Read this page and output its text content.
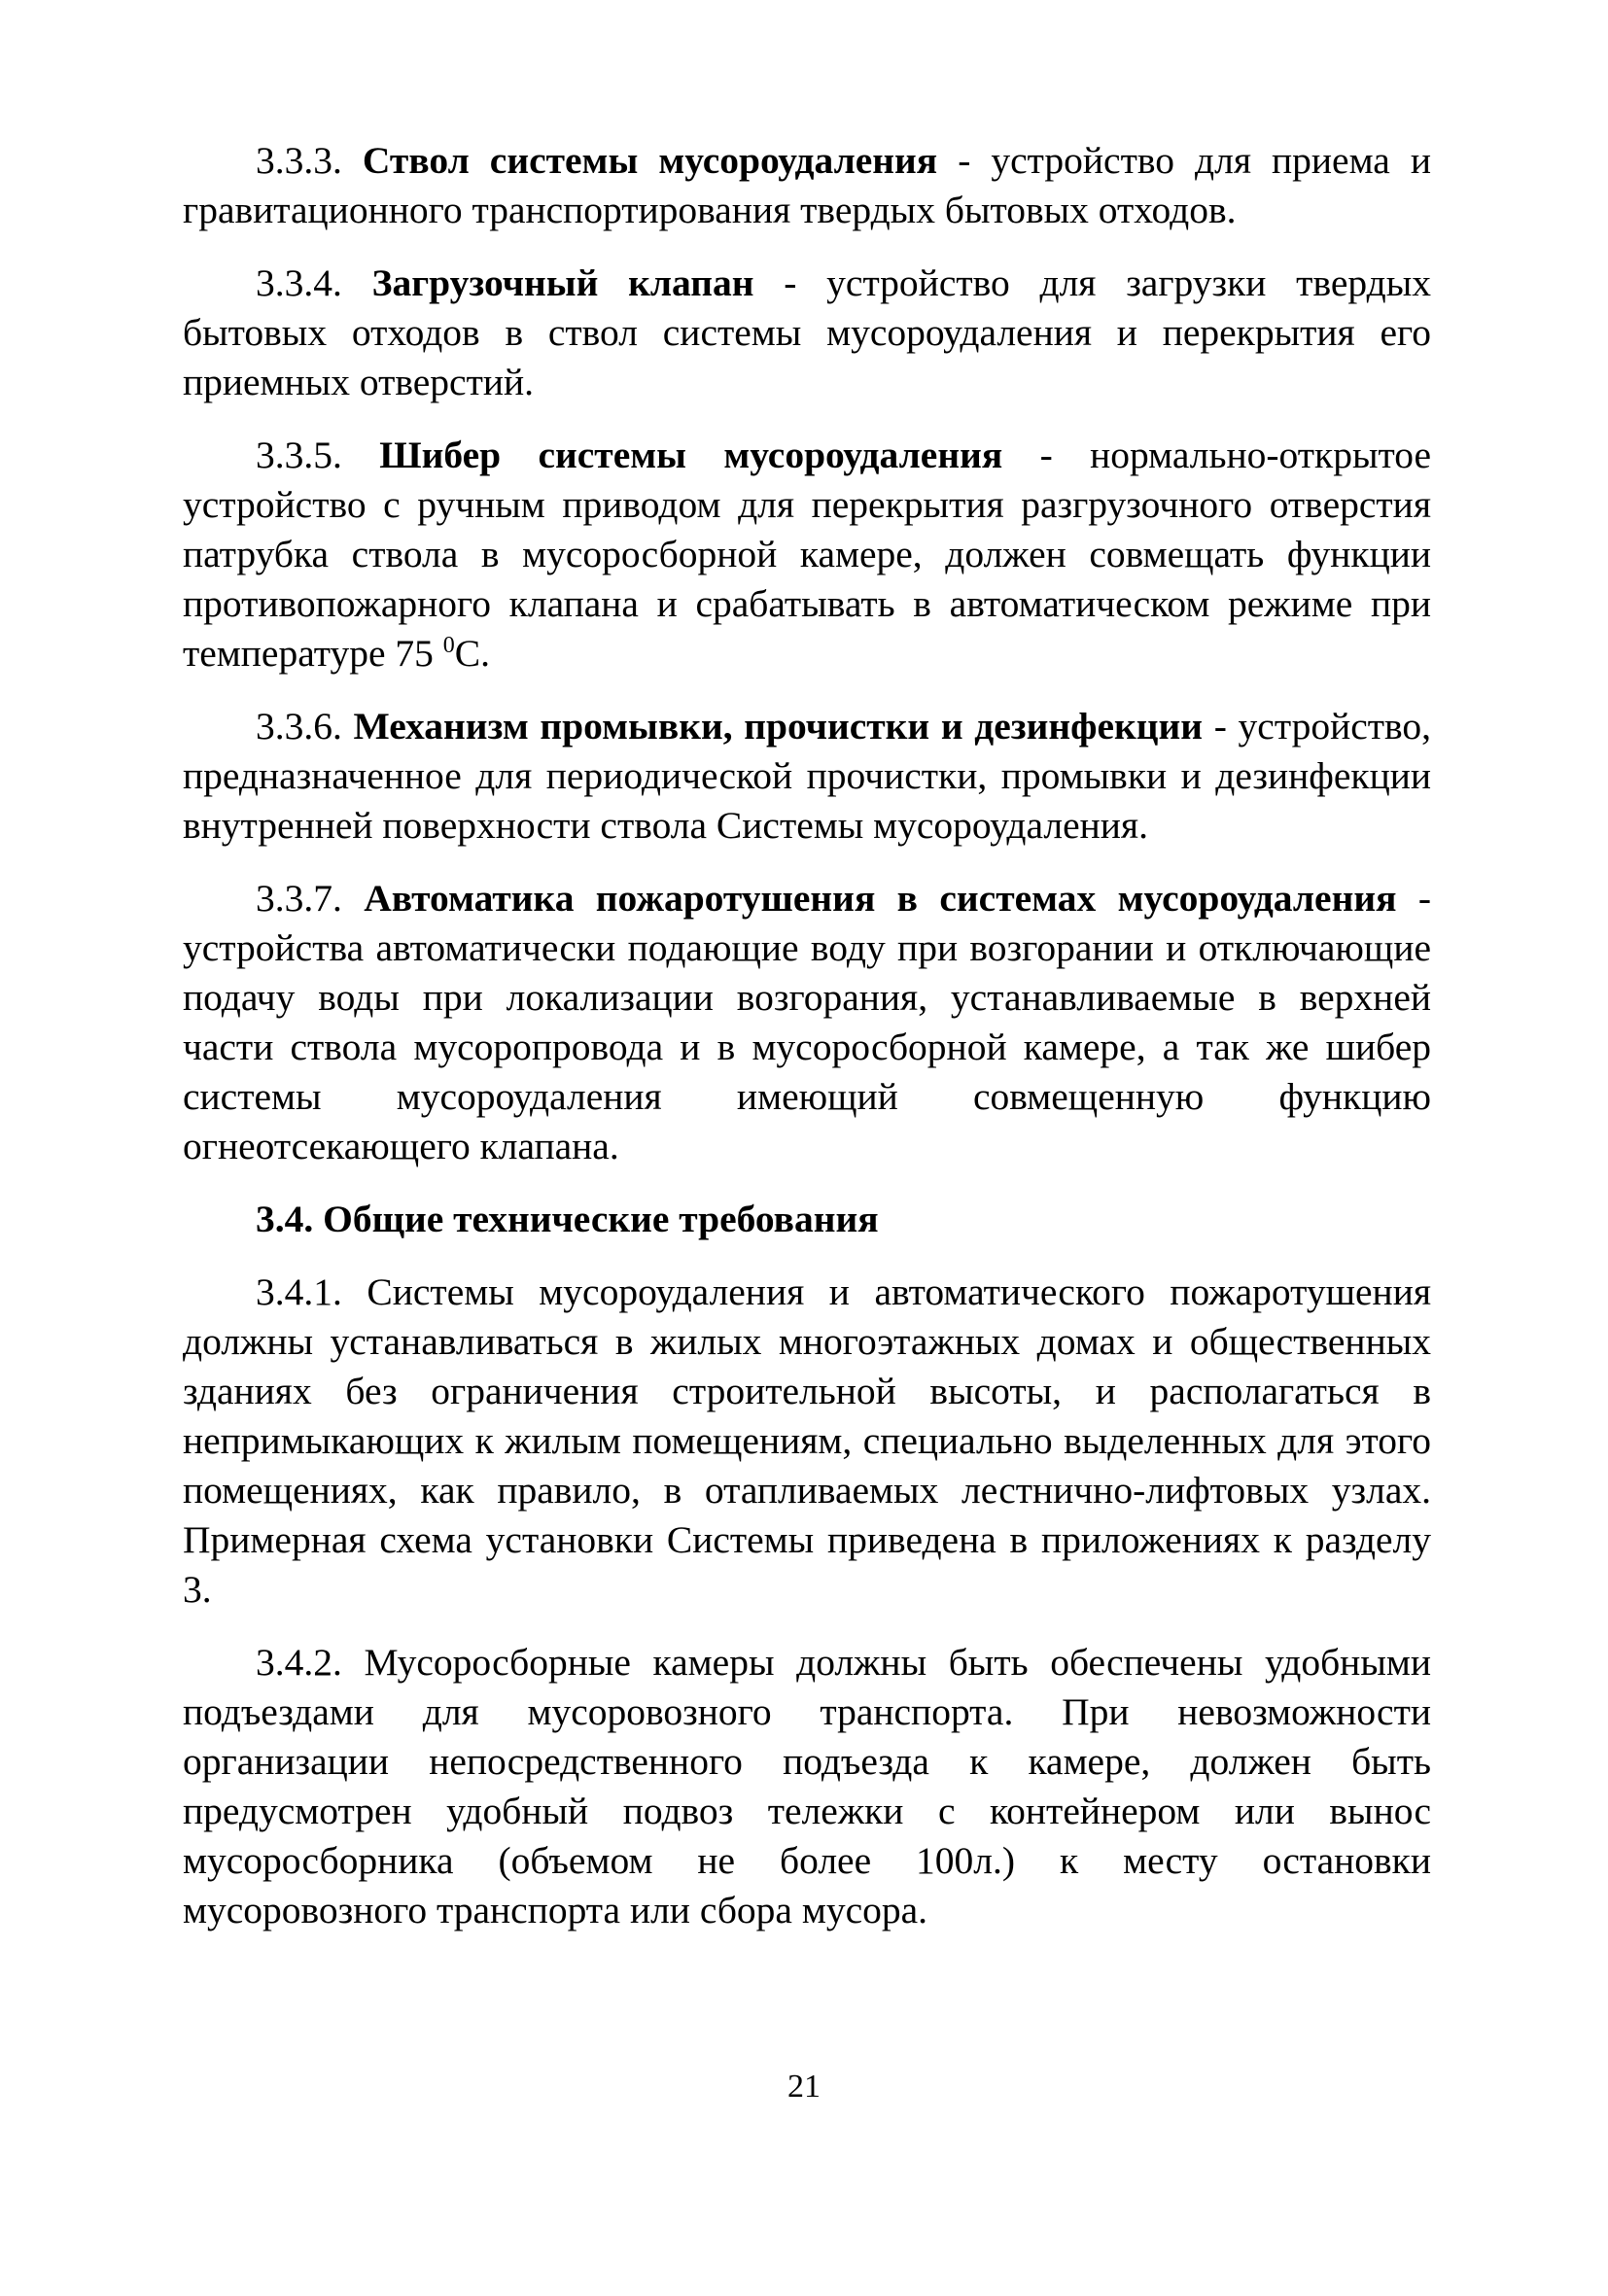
3.3.3. Ствол системы мусороудаления - устройство для приема и гравитационного транспортирования твердых бытовых отходов.

3.3.4. Загрузочный клапан - устройство для загрузки твердых бытовых отходов в ствол системы мусороудаления и перекрытия его приемных отверстий.

3.3.5. Шибер системы мусороудаления - нормально-открытое устройство с ручным приводом для перекрытия разгрузочного отверстия патрубка ствола в мусоросборной камере, должен совмещать функции противопожарного клапана и срабатывать в автоматическом режиме при температуре 75 $^0$С.

3.3.6. Механизм промывки, прочистки и дезинфекции - устройство, предназначенное для периодической прочистки, промывки и дезинфекции внутренней поверхности ствола Системы мусороудаления.

3.3.7. Автоматика пожаротушения в системах мусороудаления - устройства автоматически подающие воду при возгорании и отключающие подачу воды при локализации возгорания, устанавливаемые в верхней части ствола мусоропровода и в мусоросборной камере, а так же шибер системы мусороудаления имеющий совмещенную функцию огнеотсекающего клапана.

3.4. Общие технические требования

3.4.1. Системы мусороудаления и автоматического пожаротушения должны устанавливаться в жилых многоэтажных домах и общественных зданиях без ограничения строительной высоты, и располагаться в непримыкающих к жилым помещениям, специально выделенных для этого помещениях, как правило, в отапливаемых лестнично-лифтовых узлах. Примерная схема установки Системы приведена в приложениях к разделу 3.

3.4.2. Мусоросборные камеры должны быть обеспечены удобными подъездами для мусоровозного транспорта. При невозможности организации непосредственного подъезда к камере, должен быть предусмотрен удобный подвоз тележки с контейнером или вынос мусоросборника (объемом не более 100л.) к месту остановки мусоровозного транспорта или сбора мусора.

21
